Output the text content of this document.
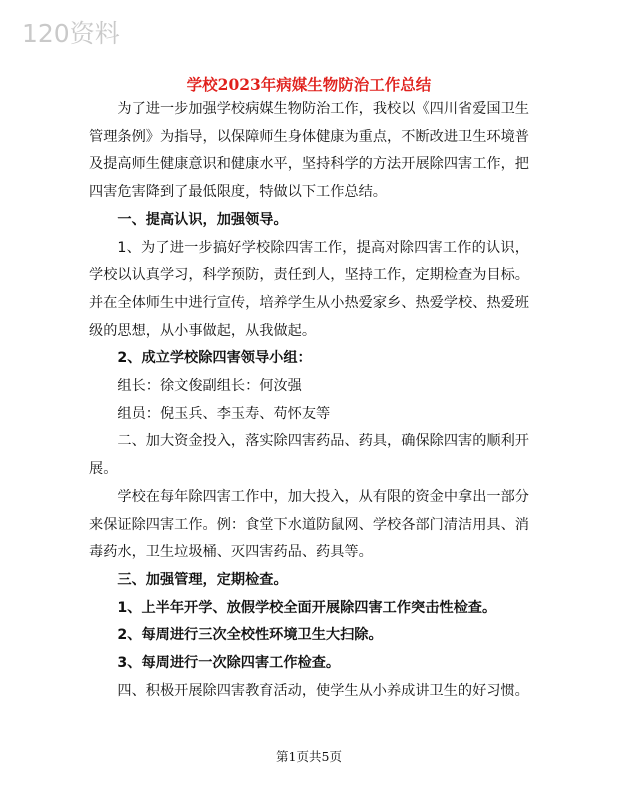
120资料
学校2023年病媒生物防治工作总结

为了进一步加强学校病媒生物防治工作，我校以《四川省爱国卫生管理条例》为指导，以保障师生身体健康为重点，不断改进卫生环境普及提高师生健康意识和健康水平，坚持科学的方法开展除四害工作，把四害危害降到了最低限度，特做以下工作总结。

一、提高认识，加强领导。

1、为了进一步搞好学校除四害工作，提高对除四害工作的认识，学校以认真学习，科学预防，责任到人，坚持工作，定期检查为目标。并在全体师生中进行宣传，培养学生从小热爱家乡、热爱学校、热爱班级的思想，从小事做起，从我做起。

2、成立学校除四害领导小组：

组长：徐文俊副组长：何汝强

组员：倪玉兵、李玉寿、苟怀友等

二、加大资金投入，落实除四害药品、药具，确保除四害的顺利开展。

学校在每年除四害工作中，加大投入，从有限的资金中拿出一部分来保证除四害工作。例：食堂下水道防鼠网、学校各部门清洁用具、消毒药水，卫生垃圾桶、灭四害药品、药具等。

三、加强管理，定期检查。

1、上半年开学、放假学校全面开展除四害工作突击性检查。

2、每周进行三次全校性环境卫生大扫除。

3、每周进行一次除四害工作检查。

四、积极开展除四害教育活动，使学生从小养成讲卫生的好习惯。

第1页共5页
